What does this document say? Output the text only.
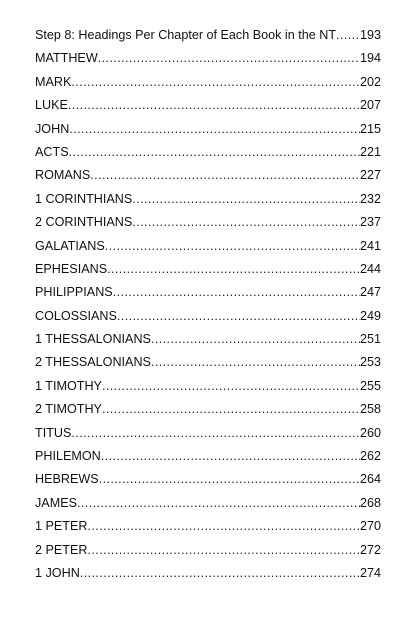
Step 8: Headings Per Chapter of Each Book in the NT ..... 193
MATTHEW .....	194
MARK .....	202
LUKE .....	207
JOHN .....	215
ACTS .....	221
ROMANS .....	227
1 CORINTHIANS .....	232
2 CORINTHIANS .....	237
GALATIANS .....	241
EPHESIANS .....	244
PHILIPPIANS .....	247
COLOSSIANS .....	249
1 THESSALONIANS .....	251
2 THESSALONIANS .....	253
1 TIMOTHY .....	255
2 TIMOTHY .....	258
TITUS .....	260
PHILEMON .....	262
HEBREWS .....	264
JAMES .....	268
1 PETER .....	270
2 PETER .....	272
1 JOHN .....	274
